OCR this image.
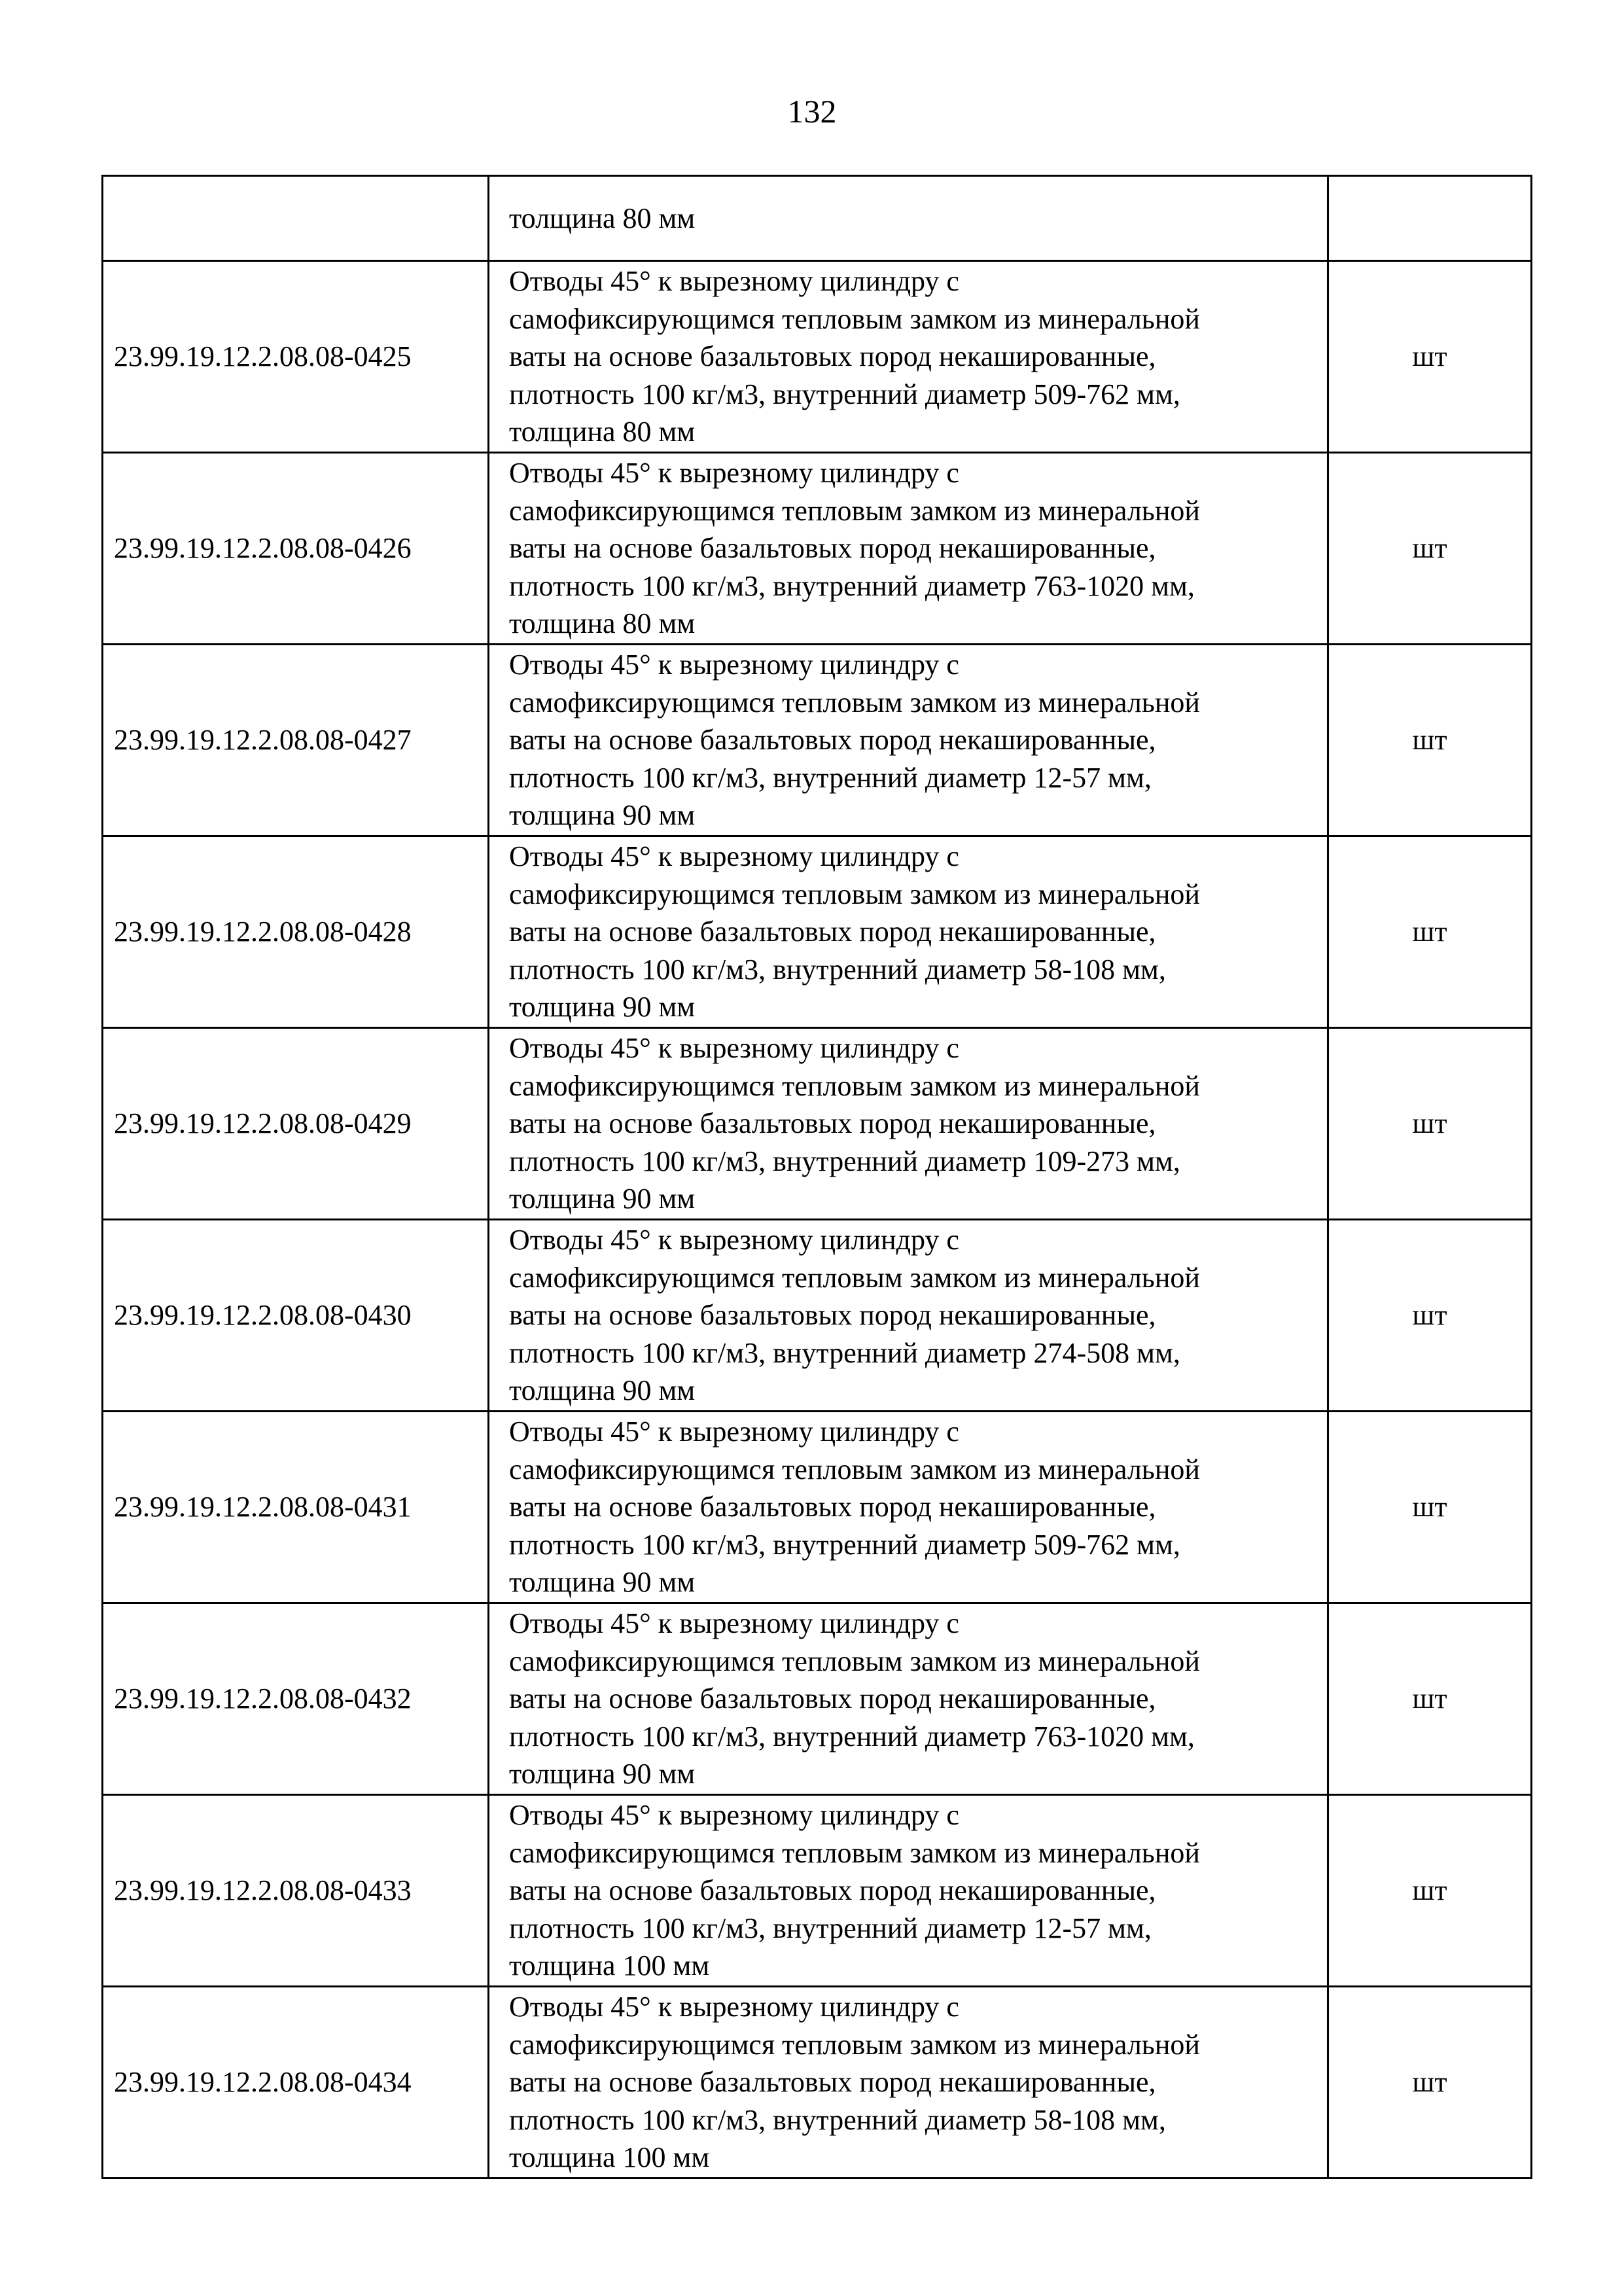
132

	толщина 80 мм	

23.99.19.12.2.08.08-0425	Отводы 45° к вырезному цилиндру с
самофиксирующимся тепловым замком из минеральной
ваты на основе базальтовых пород некашированные,
плотность 100 кг/м3, внутренний диаметр 509-762 мм,
толщина 80 мм	шт
23.99.19.12.2.08.08-0426	Отводы 45° к вырезному цилиндру с
самофиксирующимся тепловым замком из минеральной
ваты на основе базальтовых пород некашированные,
плотность 100 кг/м3, внутренний диаметр 763-1020 мм,
толщина 80 мм	шт
23.99.19.12.2.08.08-0427	Отводы 45° к вырезному цилиндру с
самофиксирующимся тепловым замком из минеральной
ваты на основе базальтовых пород некашированные,
плотность 100 кг/м3, внутренний диаметр 12-57 мм,
толщина 90 мм	шт
23.99.19.12.2.08.08-0428	Отводы 45° к вырезному цилиндру с
самофиксирующимся тепловым замком из минеральной
ваты на основе базальтовых пород некашированные,
плотность 100 кг/м3, внутренний диаметр 58-108 мм,
толщина 90 мм	шт
23.99.19.12.2.08.08-0429	Отводы 45° к вырезному цилиндру с
самофиксирующимся тепловым замком из минеральной
ваты на основе базальтовых пород некашированные,
плотность 100 кг/м3, внутренний диаметр 109-273 мм,
толщина 90 мм	шт
23.99.19.12.2.08.08-0430	Отводы 45° к вырезному цилиндру с
самофиксирующимся тепловым замком из минеральной
ваты на основе базальтовых пород некашированные,
плотность 100 кг/м3, внутренний диаметр 274-508 мм,
толщина 90 мм	шт
23.99.19.12.2.08.08-0431	Отводы 45° к вырезному цилиндру с
самофиксирующимся тепловым замком из минеральной
ваты на основе базальтовых пород некашированные,
плотность 100 кг/м3, внутренний диаметр 509-762 мм,
толщина 90 мм	шт
23.99.19.12.2.08.08-0432	Отводы 45° к вырезному цилиндру с
самофиксирующимся тепловым замком из минеральной
ваты на основе базальтовых пород некашированные,
плотность 100 кг/м3, внутренний диаметр 763-1020 мм,
толщина 90 мм	шт
23.99.19.12.2.08.08-0433	Отводы 45° к вырезному цилиндру с
самофиксирующимся тепловым замком из минеральной
ваты на основе базальтовых пород некашированные,
плотность 100 кг/м3, внутренний диаметр 12-57 мм,
толщина 100 мм	шт
23.99.19.12.2.08.08-0434	Отводы 45° к вырезному цилиндру с
самофиксирующимся тепловым замком из минеральной
ваты на основе базальтовых пород некашированные,
плотность 100 кг/м3, внутренний диаметр 58-108 мм,
толщина 100 мм	шт
